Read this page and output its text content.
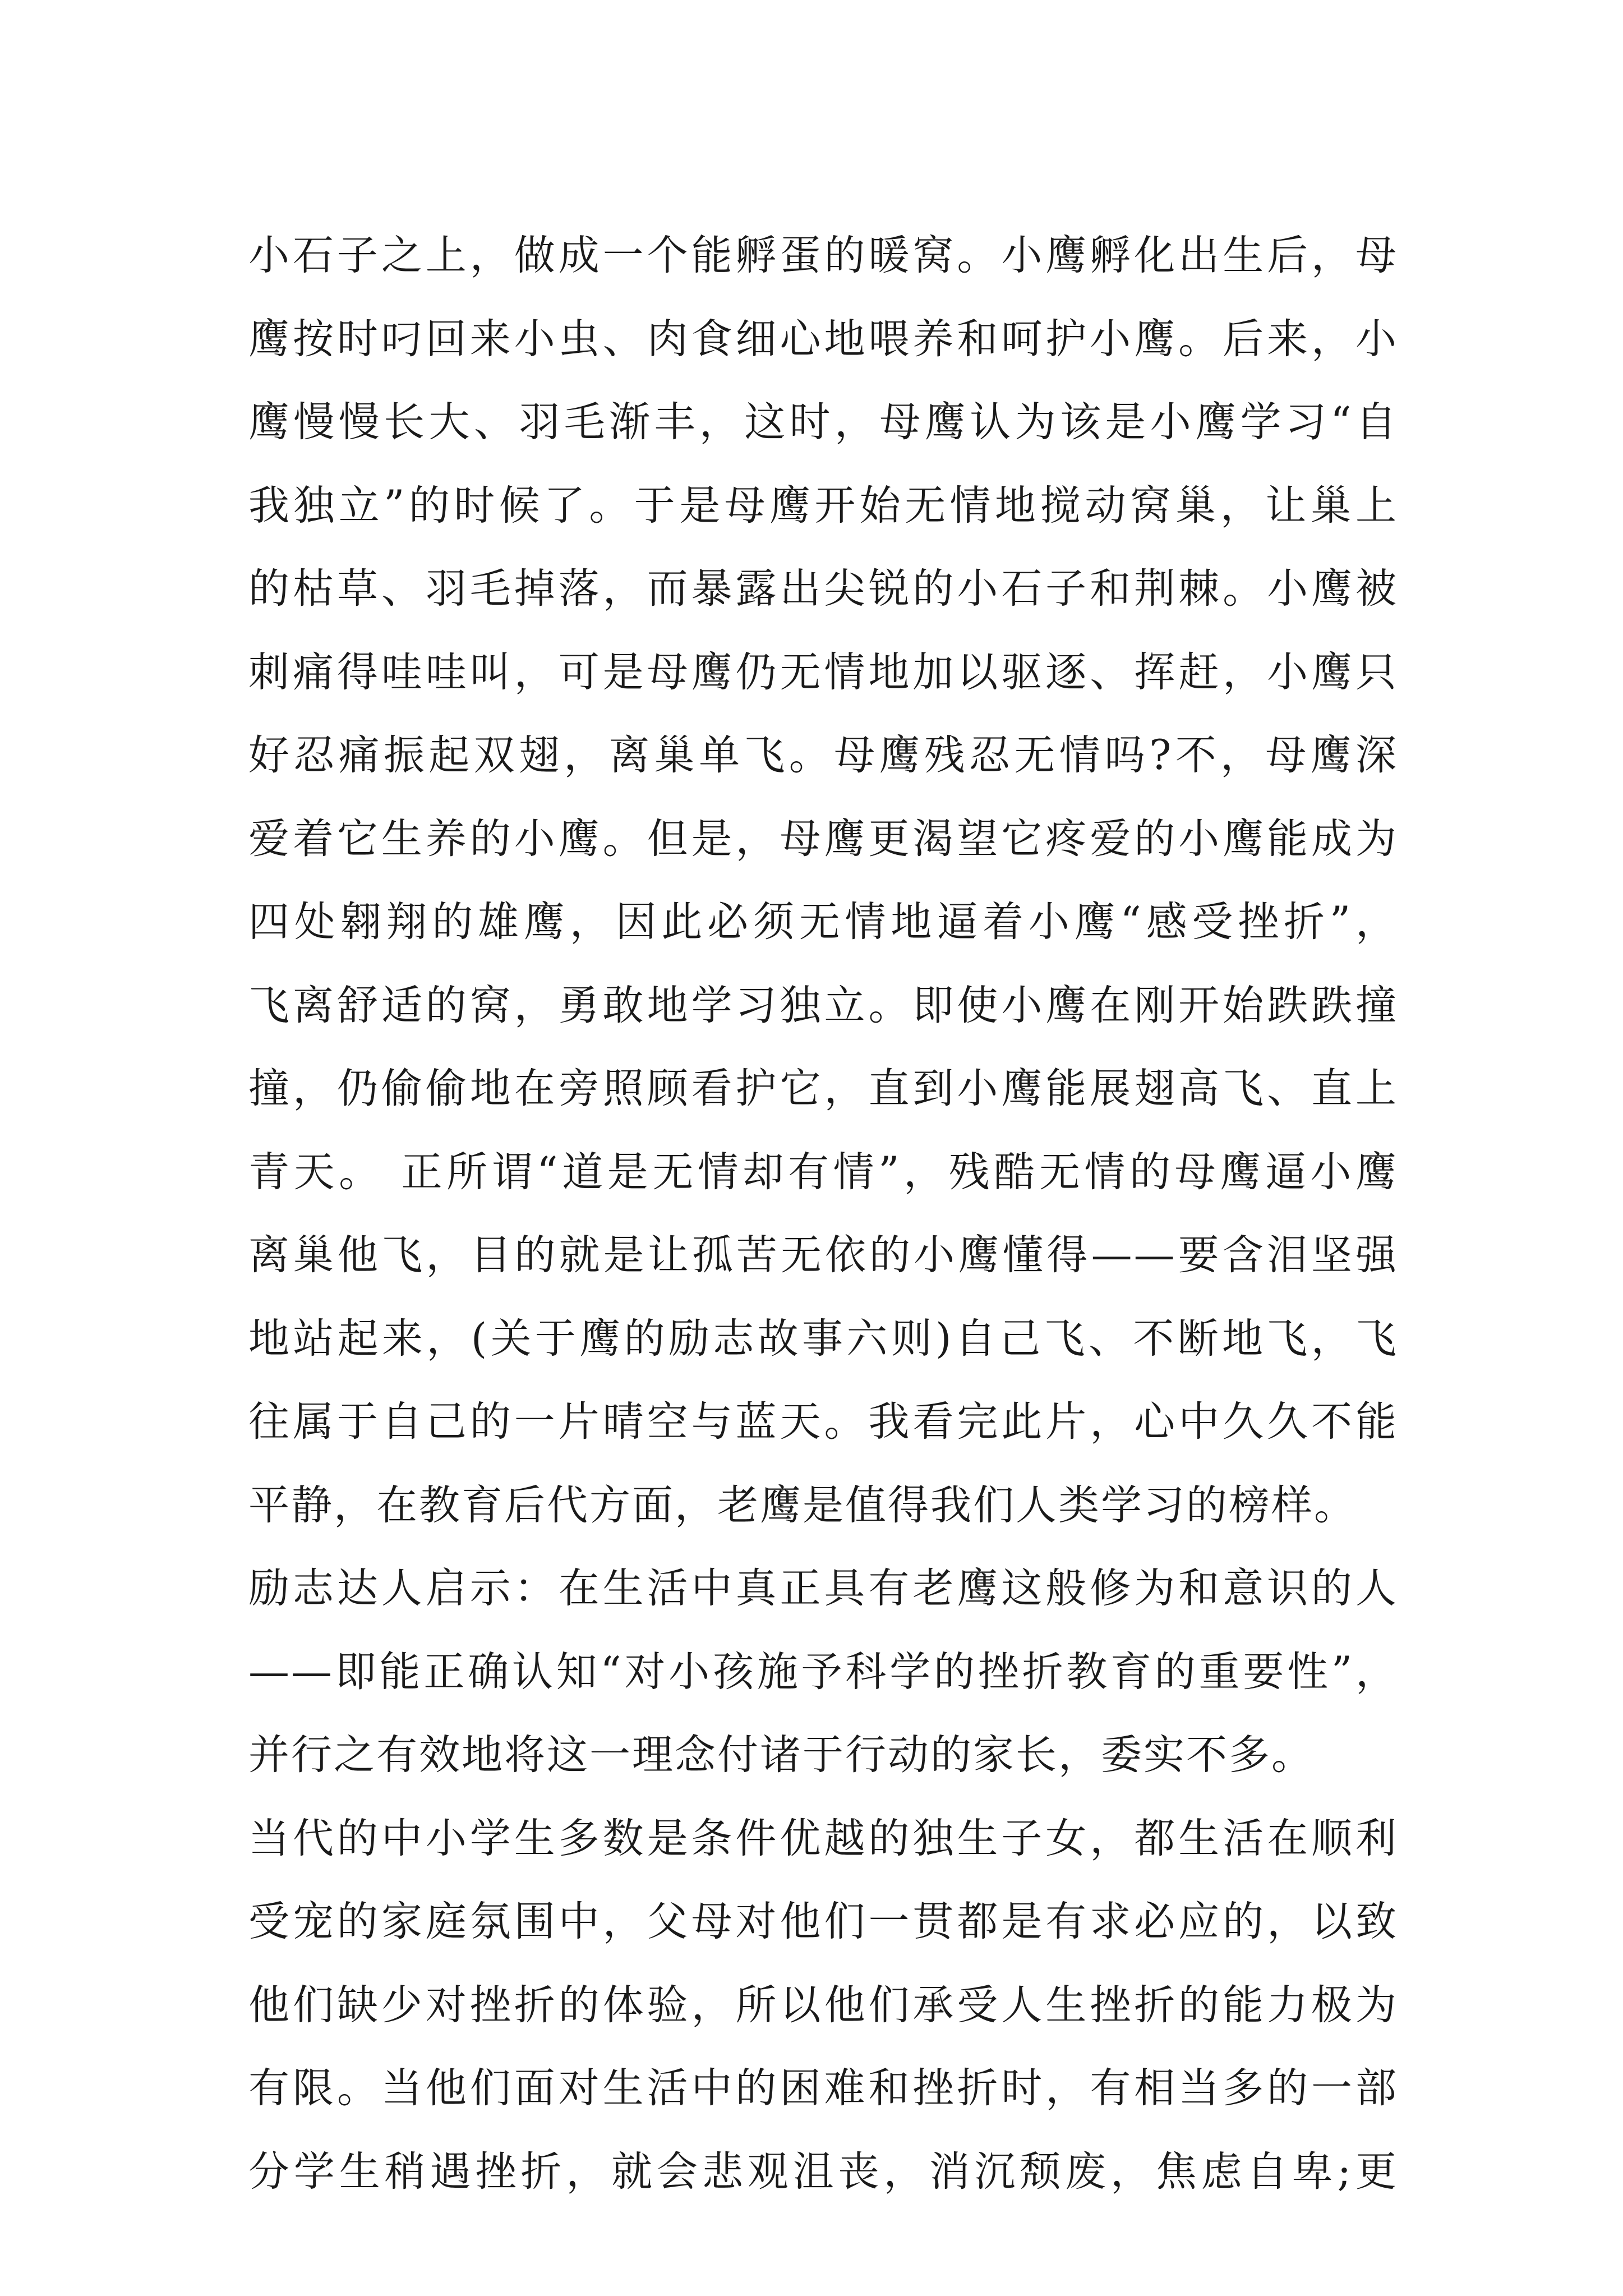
小石子之上，做成一个能孵蛋的暖窝。小鹰孵化出生后，母
鹰按时叼回来小虫、肉食细心地喂养和呵护小鹰。后来，小
鹰慢慢长大、羽毛渐丰，这时，母鹰认为该是小鹰学习“自
我独立”的时候了。于是母鹰开始无情地搅动窝巢，让巢上
的枯草、羽毛掉落，而暴露出尖锐的小石子和荆棘。小鹰被
刺痛得哇哇叫，可是母鹰仍无情地加以驱逐、挥赶，小鹰只
好忍痛振起双翅，离巢单飞。母鹰残忍无情吗?不，母鹰深
爱着它生养的小鹰。但是，母鹰更渴望它疼爱的小鹰能成为
四处翱翔的雄鹰，因此必须无情地逼着小鹰“感受挫折”，
飞离舒适的窝，勇敢地学习独立。即使小鹰在刚开始跌跌撞
撞，仍偷偷地在旁照顾看护它，直到小鹰能展翅高飞、直上
青天。 正所谓“道是无情却有情”，残酷无情的母鹰逼小鹰
离巢他飞，目的就是让孤苦无依的小鹰懂得——要含泪坚强
地站起来，(关于鹰的励志故事六则)自己飞、不断地飞，飞
往属于自己的一片晴空与蓝天。我看完此片，心中久久不能
平静，在教育后代方面，老鹰是值得我们人类学习的榜样。
励志达人启示：在生活中真正具有老鹰这般修为和意识的人
——即能正确认知“对小孩施予科学的挫折教育的重要性”，
并行之有效地将这一理念付诸于行动的家长，委实不多。
当代的中小学生多数是条件优越的独生子女，都生活在顺利
受宠的家庭氛围中，父母对他们一贯都是有求必应的，以致
他们缺少对挫折的体验，所以他们承受人生挫折的能力极为
有限。当他们面对生活中的困难和挫折时，有相当多的一部
分学生稍遇挫折，就会悲观沮丧，消沉颓废，焦虑自卑;更
